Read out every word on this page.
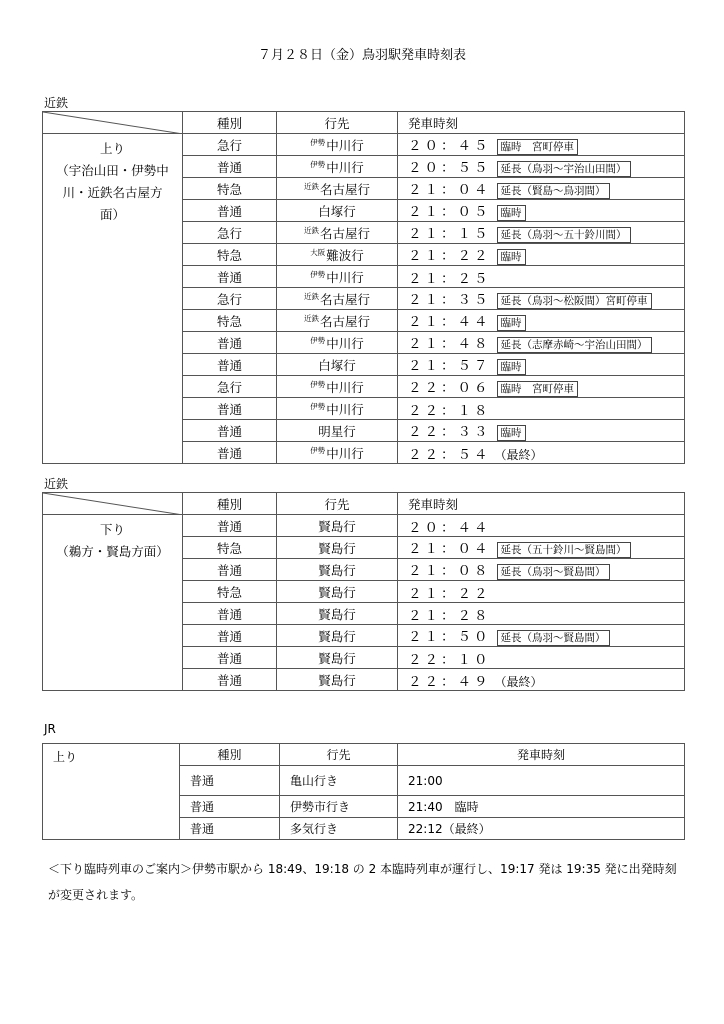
７月２８日（金）鳥羽駅発車時刻表
近鉄
	種別	行先	発車時刻

上り
（宇治山田・伊勢中
川・近鉄名古屋方
面）	急行	$^{伊勢}$中川行	２０：４５ 臨時　宮町停車
	普通	$^{伊勢}$中川行	２０：５５ 延長（鳥羽～宇治山田間）
	特急	$^{近鉄}$名古屋行	２１：０４ 延長（賢島～鳥羽間）
	普通	白塚行	２１：０５ 臨時
	急行	$^{近鉄}$名古屋行	２１：１５ 延長（鳥羽～五十鈴川間）
	特急	$^{大阪}$難波行	２１：２２ 臨時
	普通	$^{伊勢}$中川行	２１：２５
	急行	$^{近鉄}$名古屋行	２１：３５ 延長（鳥羽～松阪間）宮町停車
	特急	$^{近鉄}$名古屋行	２１：４４ 臨時
	普通	$^{伊勢}$中川行	２１：４８ 延長（志摩赤崎～宇治山田間）
	普通	白塚行	２１：５７ 臨時
	急行	$^{伊勢}$中川行	２２：０６ 臨時　宮町停車
	普通	$^{伊勢}$中川行	２２：１８
	普通	明星行	２２：３３ 臨時
	普通	$^{伊勢}$中川行	２２：５４ （最終）
近鉄
	種別	行先	発車時刻

下り
（鵜方・賢島方面）	普通	賢島行	２０：４４
	特急	賢島行	２１：０４ 延長（五十鈴川～賢島間）
	普通	賢島行	２１：０８ 延長（鳥羽～賢島間）
	特急	賢島行	２１：２２
	普通	賢島行	２１：２８
	普通	賢島行	２１：５０ 延長（鳥羽～賢島間）
	普通	賢島行	２２：１０
	普通	賢島行	２２：４９ （最終）
JR
上り	種別	行先	発車時刻
	普通	亀山行き	21:00
	普通	伊勢市行き	21:40　臨時
	普通	多気行き	22:12（最終）
＜下り臨時列車のご案内＞伊勢市駅から 18:49、19:18 の 2 本臨時列車が運行し、19:17 発は 19:35 発に出発時刻が変更されます。
